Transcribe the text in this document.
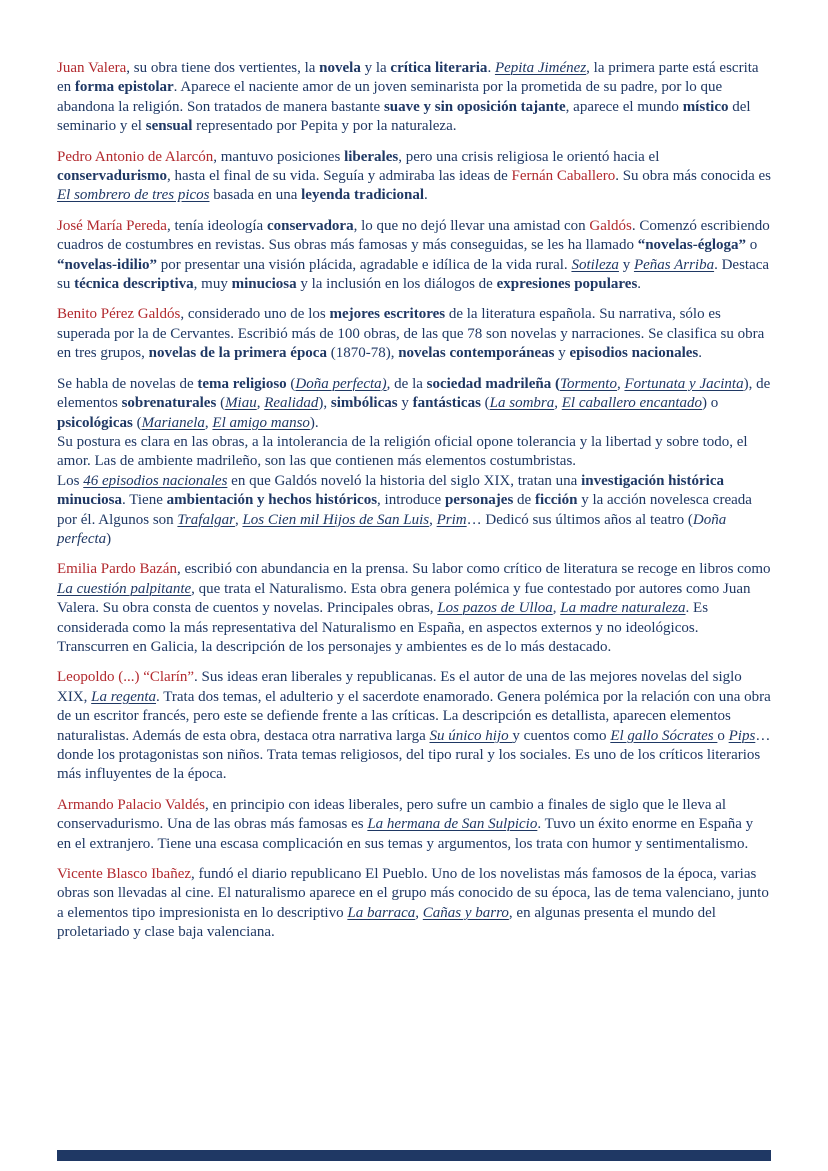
Juan Valera, su obra tiene dos vertientes, la novela y la crítica literaria. Pepita Jiménez, la primera parte está escrita en forma epistolar. Aparece el naciente amor de un joven seminarista por la prometida de su padre, por lo que abandona la religión. Son tratados de manera bastante suave y sin oposición tajante, aparece el mundo místico del seminario y el sensual representado por Pepita y por la naturaleza.

Pedro Antonio de Alarcón, mantuvo posiciones liberales, pero una crisis religiosa le orientó hacia el conservadurismo, hasta el final de su vida. Seguía y admiraba las ideas de Fernán Caballero. Su obra más conocida es El sombrero de tres picos basada en una leyenda tradicional.

José María Pereda, tenía ideología conservadora, lo que no dejó llevar una amistad con Galdós. Comenzó escribiendo cuadros de costumbres en revistas. Sus obras más famosas y más conseguidas, se les ha llamado “novelas-égloga” o “novelas-idilio” por presentar una visión plácida, agradable e idílica de la vida rural. Sotileza y Peñas Arriba. Destaca su técnica descriptiva, muy minuciosa y la inclusión en los diálogos de expresiones populares.

Benito Pérez Galdós, considerado uno de los mejores escritores de la literatura española. Su narrativa, sólo es superada por la de Cervantes. Escribió más de 100 obras, de las que 78 son novelas y narraciones. Se clasifica su obra en tres grupos, novelas de la primera época (1870-78), novelas contemporáneas y episodios nacionales.

Se habla de novelas de tema religioso (Doña perfecta), de la sociedad madrileña (Tormento, Fortunata y Jacinta), de elementos sobrenaturales (Miau, Realidad), simbólicas y fantásticas (La sombra, El caballero encantado) o psicológicas (Marianela, El amigo manso).

Su postura es clara en las obras, a la intolerancia de la religión oficial opone tolerancia y la libertad y sobre todo, el amor. Las de ambiente madrileño, son las que contienen más elementos costumbristas.

Los 46 episodios nacionales en que Galdós noveló la historia del siglo XIX, tratan una investigación histórica minuciosa. Tiene ambientación y hechos históricos, introduce personajes de ficción y la acción novelesca creada por él. Algunos son Trafalgar, Los Cien mil Hijos de San Luis, Prim… Dedicó sus últimos años al teatro (Doña perfecta)

Emilia Pardo Bazán, escribió con abundancia en la prensa. Su labor como crítico de literatura se recoge en libros como La cuestión palpitante, que trata el Naturalismo. Esta obra genera polémica y fue contestado por autores como Juan Valera. Su obra consta de cuentos y novelas. Principales obras, Los pazos de Ulloa, La madre naturaleza. Es considerada como la más representativa del Naturalismo en España, en aspectos externos y no ideológicos. Transcurren en Galicia, la descripción de los personajes y ambientes es de lo más destacado.

Leopoldo (...) “Clarín”. Sus ideas eran liberales y republicanas. Es el autor de una de las mejores novelas del siglo XIX, La regenta. Trata dos temas, el adulterio y el sacerdote enamorado. Genera polémica por la relación con una obra de un escritor francés, pero este se defiende frente a las críticas. La descripción es detallista, aparecen elementos naturalistas. Además de esta obra, destaca otra narrativa larga Su único hijo y cuentos como El gallo Sócrates o Pips… donde los protagonistas son niños. Trata temas religiosos, del tipo rural y los sociales. Es uno de los críticos literarios más influyentes de la época.

Armando Palacio Valdés, en principio con ideas liberales, pero sufre un cambio a finales de siglo que le lleva al conservadurismo. Una de las obras más famosas es La hermana de San Sulpicio. Tuvo un éxito enorme en España y en el extranjero. Tiene una escasa complicación en sus temas y argumentos, los trata con humor y sentimentalismo.

Vicente Blasco Ibañez, fundó el diario republicano El Pueblo. Uno de los novelistas más famosos de la época, varias obras son llevadas al cine. El naturalismo aparece en el grupo más conocido de su época, las de tema valenciano, junto a elementos tipo impresionista en lo descriptivo La barraca, Cañas y barro, en algunas presenta el mundo del proletariado y clase baja valenciana.
